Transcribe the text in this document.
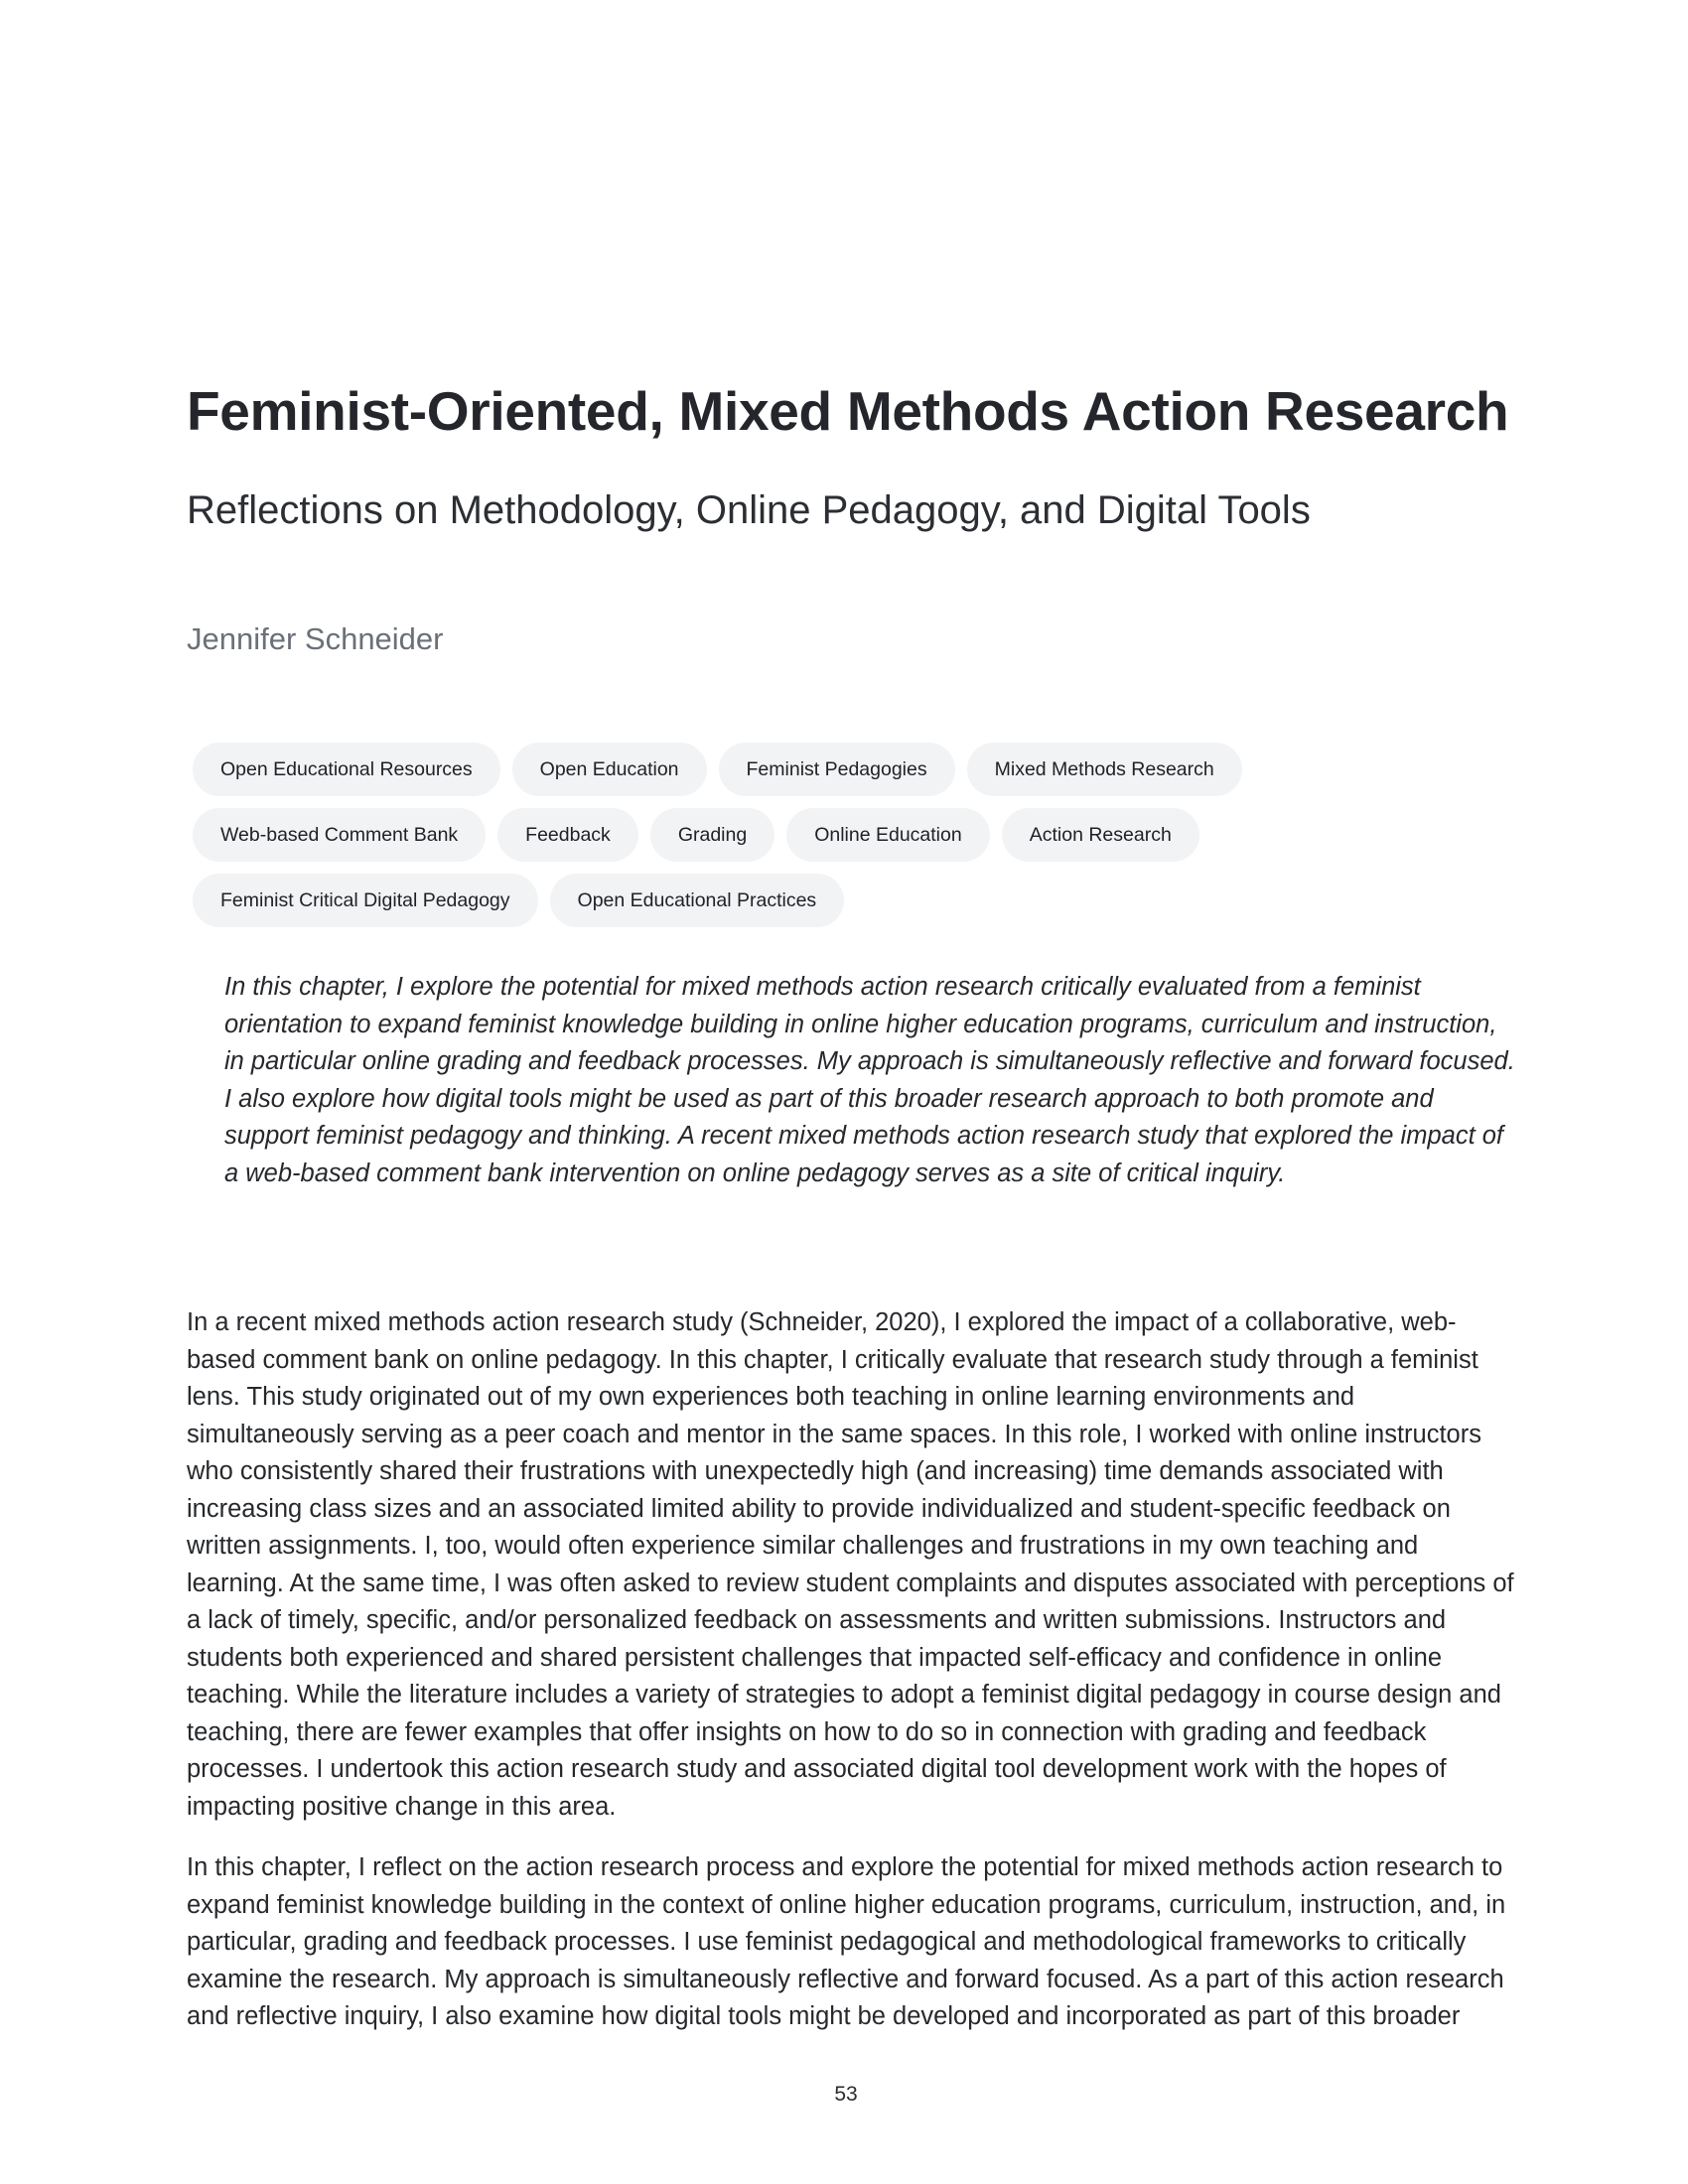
Feminist-Oriented, Mixed Methods Action Research
Reflections on Methodology, Online Pedagogy, and Digital Tools
Jennifer Schneider
Open Educational Resources	Open Education	Feminist Pedagogies	Mixed Methods Research
Web-based Comment Bank	Feedback	Grading	Online Education	Action Research
Feminist Critical Digital Pedagogy	Open Educational Practices

In this chapter, I explore the potential for mixed methods action research critically evaluated from a feminist orientation to expand feminist knowledge building in online higher education programs, curriculum and instruction, in particular online grading and feedback processes. My approach is simultaneously reflective and forward focused. I also explore how digital tools might be used as part of this broader research approach to both promote and support feminist pedagogy and thinking. A recent mixed methods action research study that explored the impact of a web-based comment bank intervention on online pedagogy serves as a site of critical inquiry.

In a recent mixed methods action research study (Schneider, 2020), I explored the impact of a collaborative, web-based comment bank on online pedagogy. In this chapter, I critically evaluate that research study through a feminist lens. This study originated out of my own experiences both teaching in online learning environments and simultaneously serving as a peer coach and mentor in the same spaces. In this role, I worked with online instructors who consistently shared their frustrations with unexpectedly high (and increasing) time demands associated with increasing class sizes and an associated limited ability to provide individualized and student-specific feedback on written assignments. I, too, would often experience similar challenges and frustrations in my own teaching and learning. At the same time, I was often asked to review student complaints and disputes associated with perceptions of a lack of timely, specific, and/or personalized feedback on assessments and written submissions. Instructors and students both experienced and shared persistent challenges that impacted self-efficacy and confidence in online teaching. While the literature includes a variety of strategies to adopt a feminist digital pedagogy in course design and teaching, there are fewer examples that offer insights on how to do so in connection with grading and feedback processes. I undertook this action research study and associated digital tool development work with the hopes of impacting positive change in this area.

In this chapter, I reflect on the action research process and explore the potential for mixed methods action research to expand feminist knowledge building in the context of online higher education programs, curriculum, instruction, and, in particular, grading and feedback processes. I use feminist pedagogical and methodological frameworks to critically examine the research. My approach is simultaneously reflective and forward focused. As a part of this action research and reflective inquiry, I also examine how digital tools might be developed and incorporated as part of this broader

53
